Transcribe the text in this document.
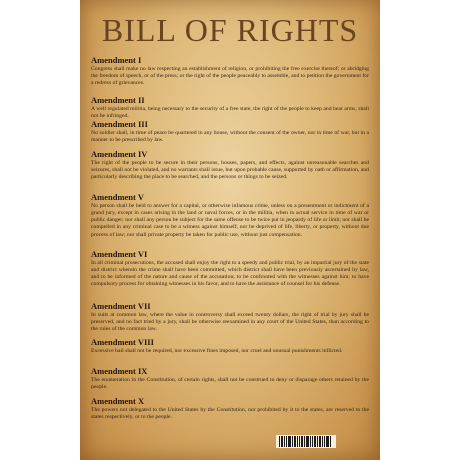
BILL OF RIGHTS
Amendment I
Congress shall make no law respecting an establishment of religion, or prohibiting the free exercise thereof; or abridging the freedom of speech, or of the press; or the right of the people peaceably to assemble, and to petition the government for a redress of grievances.
Amendment II
A well regulated militia, being necessary to the security of a free state, the right of the people to keep and bear arms, shall not be infringed.
Amendment III
No soldier shall, in time of peace be quartered in any house, without the consent of the owner, nor in time of war, but in a manner to be prescribed by law.
Amendment IV
The right of the people to be secure in their persons, houses, papers, and effects, against unreasonable searches and seizures, shall not be violated, and no warrants shall issue, but upon probable cause, supported by oath or affirmation, and particularly describing the place to be searched, and the persons or things to be seized.
Amendment V
No person shall be held to answer for a capital, or otherwise infamous crime, unless on a presentment or indictment of a grand jury, except in cases arising in the land or naval forces, or in the militia, when in actual service in time of war or public danger; nor shall any person be subject for the same offense to be twice put in jeopardy of life or limb; nor shall be compelled in any criminal case to be a witness against himself, nor be deprived of life, liberty, or property, without due process of law; nor shall private property be taken for public use, without just compensation.
Amendment VI
In all criminal prosecutions, the accused shall enjoy the right to a speedy and public trial, by an impartial jury of the state and district wherein the crime shall have been committed, which district shall have been previously ascertained by law, and to be informed of the nature and cause of the accusation; to be confronted with the witnesses against him; to have compulsory process for obtaining witnesses in his favor, and to have the assistance of counsel for his defense.
Amendment VII
In suits at common law, where the value in controversy shall exceed twenty dollars, the right of trial by jury shall be preserved, and no fact tried by a jury, shall be otherwise reexamined in any court of the United States, than according to the rules of the common law.
Amendment VIII
Excessive bail shall not be required, nor excessive fines imposed, nor cruel and unusual punishments inflicted.
Amendment IX
The enumeration in the Constitution, of certain rights, shall not be construed to deny or disparage others retained by the people.
Amendment X
The powers not delegated to the United States by the Constitution, nor prohibited by it to the states, are reserved to the states respectively, or to the people.
